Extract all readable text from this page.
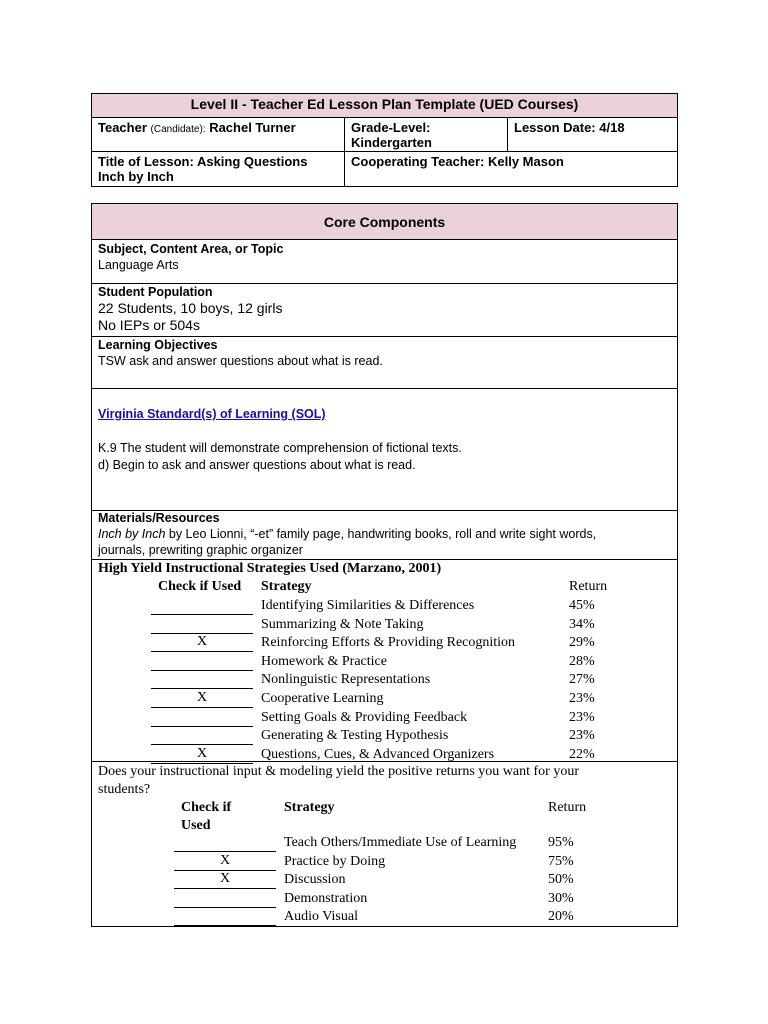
Level II - Teacher Ed Lesson Plan Template (UED Courses)		
Teacher (Candidate): Rachel Turner	Grade-Level:
Kindergarten	Lesson Date: 4/18

Title of Lesson: Asking Questions
Inch by Inch	Cooperating Teacher: Kelly Mason	
Core Components
Subject, Content Area, or Topic
Language Arts
Student Population
22 Students, 10 boys, 12 girls
No IEPs or 504s
Learning Objectives
TSW ask and answer questions about what is read.
Virginia Standard(s) of Learning (SOL)
K.9 The student will demonstrate comprehension of fictional texts.
d) Begin to ask and answer questions about what is read.
Materials/Resources
Inch by Inch by Leo Lionni, “-et” family page, handwriting books, roll and write sight words,
journals, prewriting graphic organizer
High Yield Instructional Strategies Used (Marzano, 2001)
Check if Used Strategy	Return
Identifying Similarities & Differences	45%
Summarizing & Note Taking	34%
X	Reinforcing Efforts & Providing Recognition	29%
Homework & Practice	28%
Nonlinguistic Representations	27%
X	Cooperative Learning	23%
Setting Goals & Providing Feedback	23%
Generating & Testing Hypothesis	23%
X	Questions, Cues, & Advanced Organizers	22%
Does your instructional input & modeling yield the positive returns you want for your
students?
Check if
Used
Strategy	Return
Teach Others/Immediate Use of Learning 95%
X	Practice by Doing	75%
X	Discussion	50%
Demonstration	30%
Audio Visual	20%
